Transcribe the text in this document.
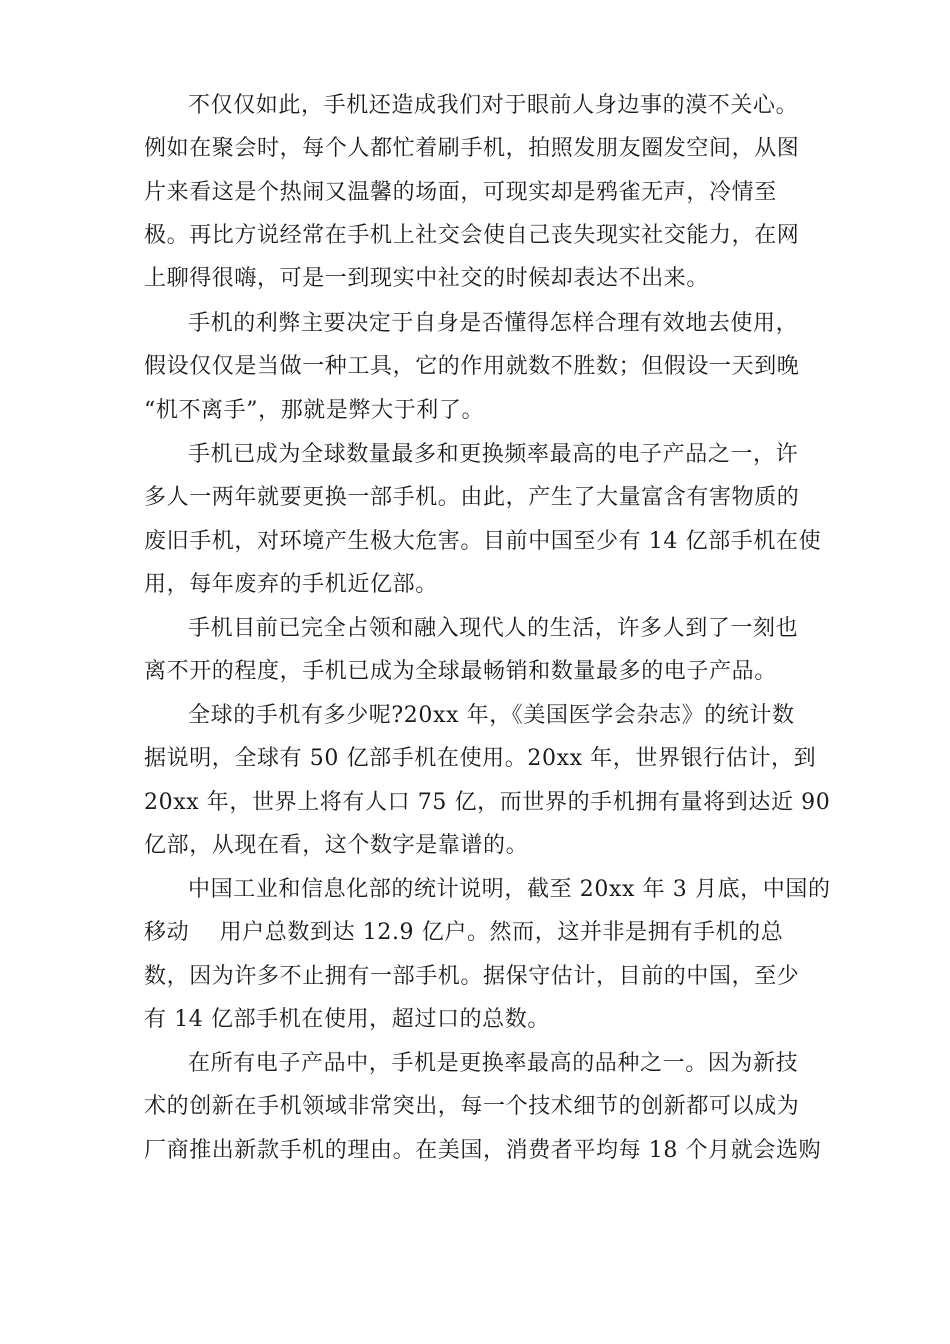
不仅仅如此，手机还造成我们对于眼前人身边事的漠不关心。

例如在聚会时，每个人都忙着刷手机，拍照发朋友圈发空间，从图

片来看这是个热闹又温馨的场面，可现实却是鸦雀无声，冷情至

极。再比方说经常在手机上社交会使自己丧失现实社交能力，在网

上聊得很嗨，可是一到现实中社交的时候却表达不出来。

手机的利弊主要决定于自身是否懂得怎样合理有效地去使用，

假设仅仅是当做一种工具，它的作用就数不胜数；但假设一天到晚

“机不离手”，那就是弊大于利了。

手机已成为全球数量最多和更换频率最高的电子产品之一，许

多人一两年就要更换一部手机。由此，产生了大量富含有害物质的

废旧手机，对环境产生极大危害。目前中国至少有 14 亿部手机在使

用，每年废弃的手机近亿部。

手机目前已完全占领和融入现代人的生活，许多人到了一刻也

离不开的程度，手机已成为全球最畅销和数量最多的电子产品。

全球的手机有多少呢?20xx 年，《美国医学会杂志》的统计数

据说明，全球有 50 亿部手机在使用。20xx 年，世界银行估计，到

20xx 年，世界上将有人口 75 亿，而世界的手机拥有量将到达近 90

亿部，从现在看，这个数字是靠谱的。

中国工业和信息化部的统计说明，截至 20xx 年 3 月底，中国的

移动    用户总数到达 12.9 亿户。然而，这并非是拥有手机的总

数，因为许多不止拥有一部手机。据保守估计，目前的中国，至少

有 14 亿部手机在使用，超过口的总数。

在所有电子产品中，手机是更换率最高的品种之一。因为新技

术的创新在手机领域非常突出，每一个技术细节的创新都可以成为

厂商推出新款手机的理由。在美国，消费者平均每 18 个月就会选购
